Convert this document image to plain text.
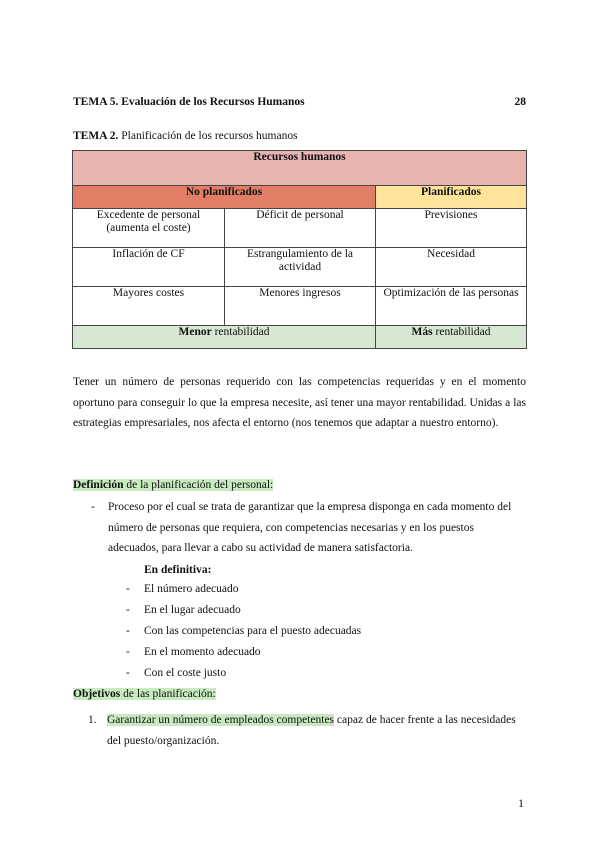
TEMA 5. Evaluación de los Recursos Humanos	28
TEMA 2. Planificación de los recursos humanos
Recursos humanos		
No planificados		Planificados
Excedente de personal (aumenta el coste)	Déficit de personal	Previsiones
Inflación de CF	Estrangulamiento de la actividad	Necesidad
Mayores costes	Menores ingresos	Optimización de las personas
Menor rentabilidad		Más rentabilidad
Tener un número de personas requerido con las competencias requeridas y en el momento oportuno para conseguir lo que la empresa necesite, así tener una mayor rentabilidad. Unidas a las estrategias empresariales, nos afecta el entorno (nos tenemos que adaptar a nuestro entorno).
Definición de la planificación del personal:
- Proceso por el cual se trata de garantizar que la empresa disponga en cada momento del número de personas que requiera, con competencias necesarias y en los puestos adecuados, para llevar a cabo su actividad de manera satisfactoria.
En definitiva:
- El número adecuado
- En el lugar adecuado
- Con las competencias para el puesto adecuadas
- En el momento adecuado
- Con el coste justo
Objetivos de las planificación:
1. Garantizar un número de empleados competentes capaz de hacer frente a las necesidades del puesto/organización.
1
